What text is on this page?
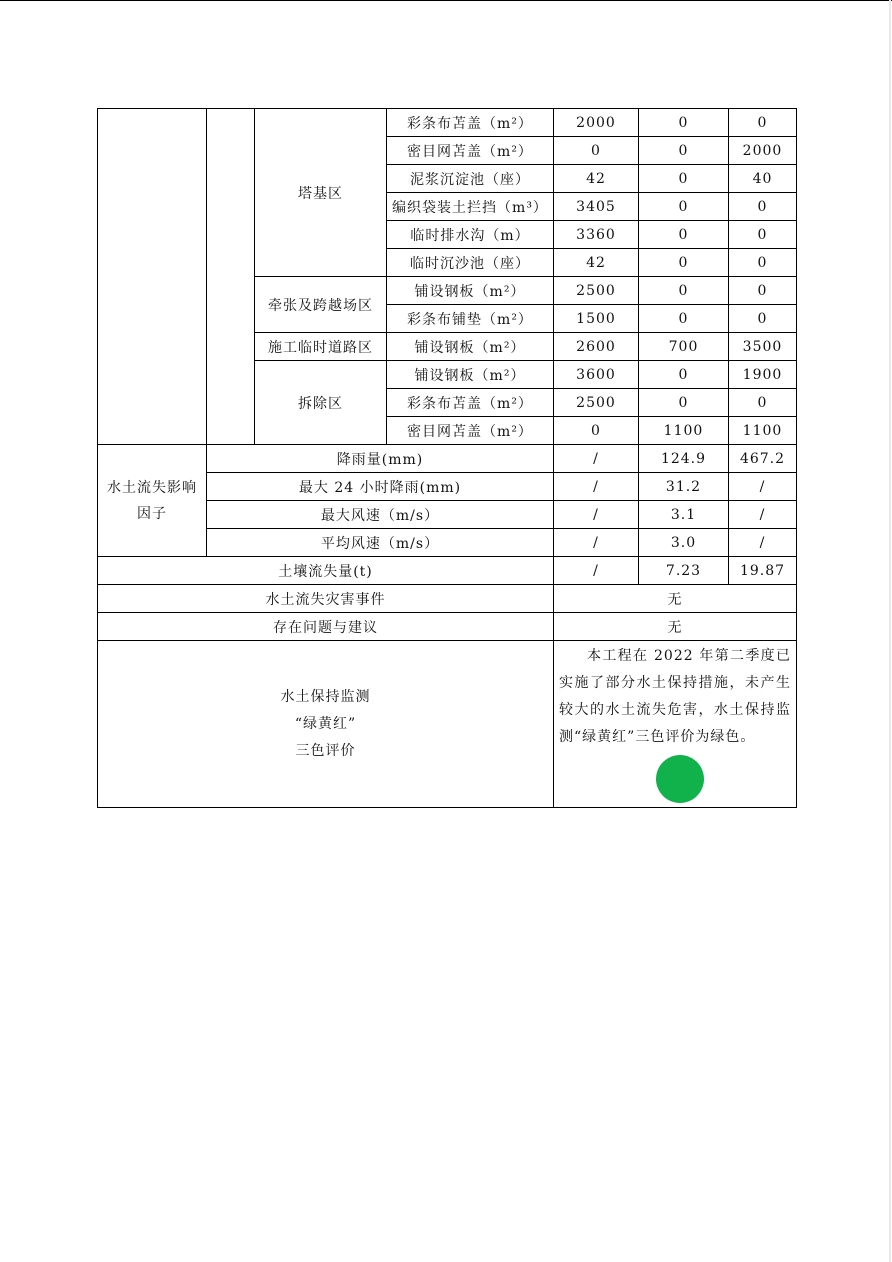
		塔基区	彩条布苫盖（m²）	2000	0	0
			密目网苫盖（m²）	0	0	2000
			泥浆沉淀池（座）	42	0	40
			编织袋装土拦挡（m³）	3405	0	0
			临时排水沟（m）	3360	0	0
			临时沉沙池（座）	42	0	0
		牵张及跨越场区	铺设钢板（m²）	2500	0	0
			彩条布铺垫（m²）	1500	0	0
		施工临时道路区	铺设钢板（m²）	2600	700	3500
		拆除区	铺设钢板（m²）	3600	0	1900
			彩条布苫盖（m²）	2500	0	0
			密目网苫盖（m²）	0	1100	1100

水土流失影响因子	降雨量(mm)			/	124.9	467.2
	最大 24 小时降雨(mm)			/	31.2	/
	最大风速（m/s）			/	3.1	/
	平均风速（m/s）			/	3.0	/
土壤流失量(t)				/	7.23	19.87
水土流失灾害事件				无		
存在问题与建议				无		

水土保持监测
“绿黄红”
三色评价				本工程在 2022 年第二季度已实施了部分水土保持措施，未产生较大的水土流失危害，水土保持监测“绿黄红”三色评价为绿色。		
